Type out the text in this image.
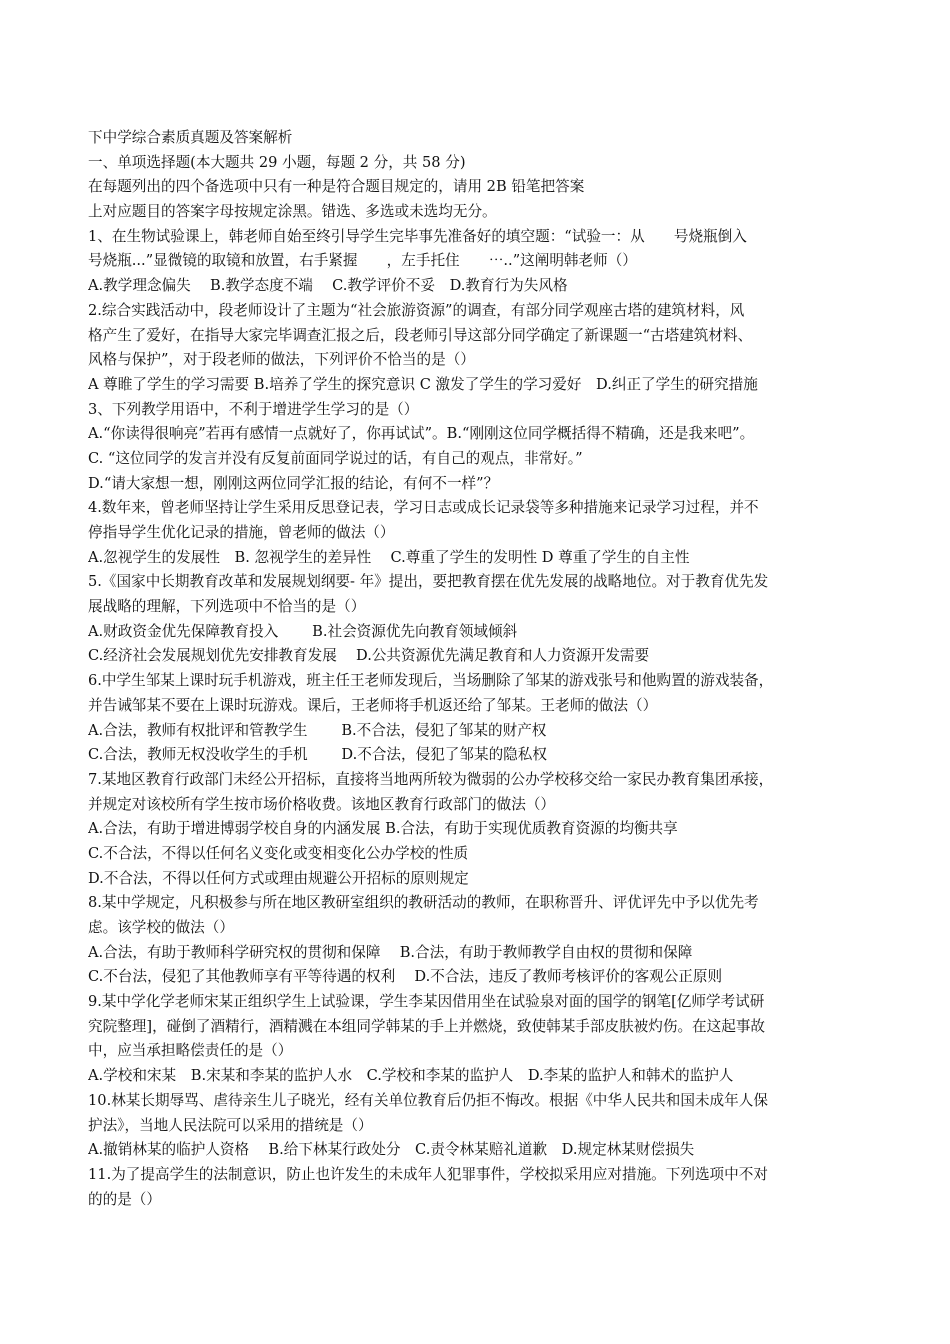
下中学综合素质真题及答案解析
一、单项选择题(本大题共 29 小题，每题 2 分，共 58 分)
在每题列出的四个备选项中只有一种是符合题目规定的，请用 2B 铅笔把答案
上对应题目的答案字母按规定涂黑。错选、多选或未选均无分。
1、在生物试验课上，韩老师自始至终引导学生完毕事先准备好的填空题：“试验一：从　　号烧瓶倒入
号烧瓶...”显微镜的取镜和放置，右手紧握　　，左手托住　　⋯..”这阐明韩老师（）
A.教学理念偏失　 B.教学态度不端　 C.教学评价不妥　D.教育行为失风格
2.综合实践活动中，段老师设计了主题为“社会旅游资源”的调查，有部分同学观座古塔的建筑材料，风
格产生了爱好，在指导大家完毕调查汇报之后，段老师引导这部分同学确定了新课题一“古塔建筑材料、
风格与保护”，对于段老师的做法，下列评价不恰当的是（）
A 尊睢了学生的学习需要 B.培养了学生的探究意识 C 激发了学生的学习爱好　D.纠正了学生的研究措施
3、下列教学用语中，不利于增进学生学习的是（）
A.“你读得很响亮”若再有感情一点就好了，你再试试”。B.“刚刚这位同学概括得不精确，还是我来吧”。
C. “这位同学的发言并没有反复前面同学说过的话，有自己的观点，非常好。”
D.“请大家想一想，刚刚这两位同学汇报的结论，有何不一样”？
4.数年来，曾老师坚持让学生采用反思登记表，学习日志或成长记录袋等多种措施来记录学习过程，并不
停指导学生优化记录的措施，曾老师的做法（）
A.忽视学生的发展性　B. 忽视学生的差异性　 C.尊重了学生的发明性 D 尊重了学生的自主性
5.《国家中长期教育改革和发展规划纲要- 年》提出，要把教育摆在优先发展的战略地位。对于教育优先发
展战略的理解，下列选项中不恰当的是（）
A.财政资金优先保障教育投入　　 B.社会资源优先向教育领域倾斜
C.经济社会发展规划优先安排教育发展　 D.公共资源优先满足教育和人力资源开发需要
6.中学生邹某上课时玩手机游戏，班主任王老师发现后，当场删除了邹某的游戏张号和他购置的游戏装备，
并告诫邹某不要在上课时玩游戏。课后，王老师将手机返还给了邹某。王老师的做法（）
A.合法，教师有权批评和管教学生　　 B.不合法，侵犯了邹某的财产权
C.合法，教师无权没收学生的手机　　 D.不合法，侵犯了邹某的隐私权
7.某地区教育行政部门未经公开招标，直接将当地两所较为微弱的公办学校移交给一家民办教育集团承接，
并规定对该校所有学生按市场价格收费。该地区教育行政部门的做法（）
A.合法，有助于增进博弱学校自身的内涵发展 B.合法，有助于实现优质教育资源的均衡共享
C.不合法，不得以任何名义变化或变相变化公办学校的性质
D.不合法，不得以任何方式或理由规避公开招标的原则规定
8.某中学规定，凡积极参与所在地区教研室组织的教研活动的教师，在职称晋升、评优评先中予以优先考
虑。该学校的做法（）
A.合法，有助于教师科学研究权的贯彻和保障　 B.合法，有助于教师教学自由权的贯彻和保障
C.不台法，侵犯了其他教师享有平等待遇的权利　 D.不合法，违反了教师考核评价的客观公正原则
9.某中学化学老师宋某正组织学生上试验课，学生李某因借用坐在试验泉对面的国学的钢笔[亿师学考试研
究院整理]，碰倒了酒精行，酒精溅在本组同学韩某的手上并燃烧，致使韩某手部皮肤被灼伤。在这起事故
中，应当承担略偿责任的是（）
A.学校和宋某　B.宋某和李某的监护人水　C.学校和李某的监护人　D.李某的监护人和韩术的监护人
10.林某长期辱骂、虐待亲生儿子晓光，经有关单位教育后仍拒不悔改。根据《中华人民共和国未成年人保
护法》，当地人民法院可以采用的措统是（）
A.撤销林某的临护人资格　 B.给下林某行政处分　C.责令林某赔礼道歉　D.规定林某财偿损失
11.为了提高学生的法制意识，防止也许发生的未成年人犯罪事件，学校拟采用应对措施。下列选项中不对
的的是（）
